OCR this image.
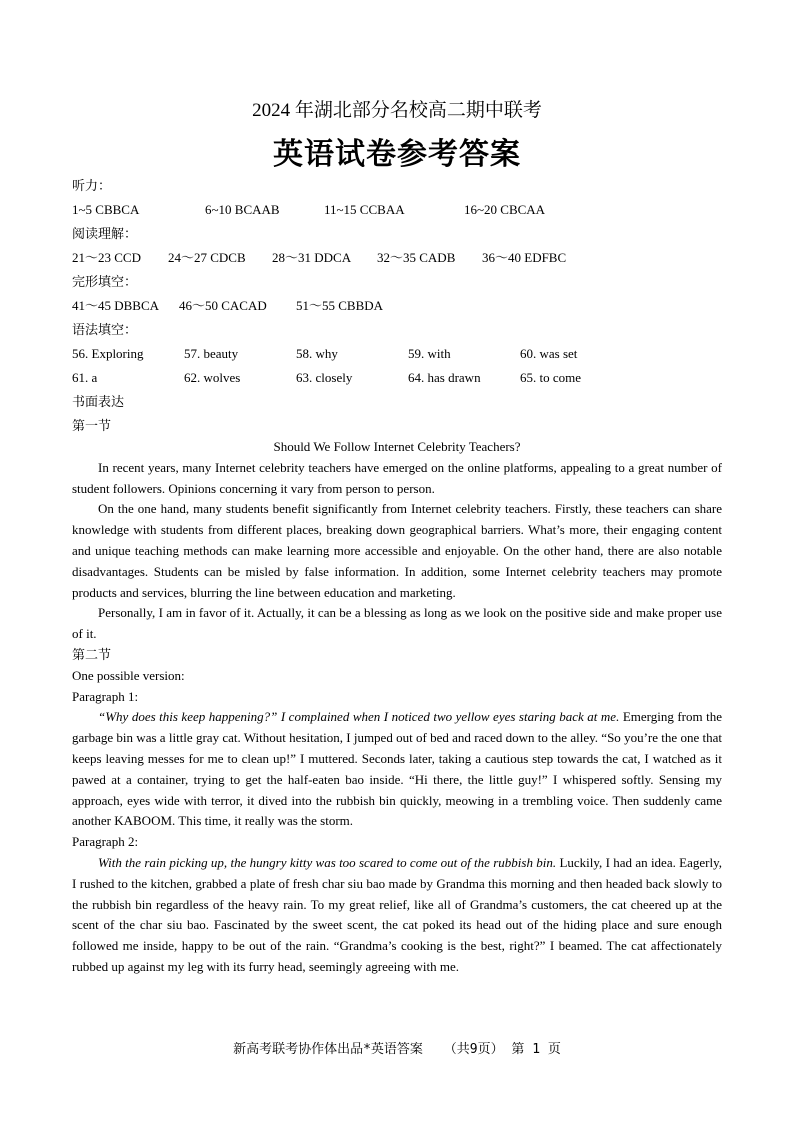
2024 年湖北部分名校高二期中联考
英语试卷参考答案
听力：
1~5 CBBCA	6~10 BCAAB	11~15 CCBAA	16~20 CBCAA
阅读理解：
21～23 CCD 24～27 CDCB 28～31 DDCA 32～35 CADB 36～40 EDFBC
完形填空：
41～45 DBBCA 46～50 CACAD 51～55 CBBDA
语法填空：
56. Exploring	57. beauty	58. why	59. with	60. was set
61. a	62. wolves	63. closely	64. has drawn	65. to come
书面表达
第一节

Should We Follow Internet Celebrity Teachers?

In recent years, many Internet celebrity teachers have emerged on the online platforms, appealing to a great number of student followers. Opinions concerning it vary from person to person.

On the one hand, many students benefit significantly from Internet celebrity teachers. Firstly, these teachers can share knowledge with students from different places, breaking down geographical barriers. What’s more, their engaging content and unique teaching methods can make learning more accessible and enjoyable. On the other hand, there are also notable disadvantages. Students can be misled by false information. In addition, some Internet celebrity teachers may promote products and services, blurring the line between education and marketing.

Personally, I am in favor of it. Actually, it can be a blessing as long as we look on the positive side and make proper use of it.

第二节

One possible version:

Paragraph 1:

“Why does this keep happening?” I complained when I noticed two yellow eyes staring back at me. Emerging from the garbage bin was a little gray cat. Without hesitation, I jumped out of bed and raced down to the alley. “So you’re the one that keeps leaving messes for me to clean up!” I muttered. Seconds later, taking a cautious step towards the cat, I watched as it pawed at a container, trying to get the half-eaten bao inside. “Hi there, the little guy!” I whispered softly. Sensing my approach, eyes wide with terror, it dived into the rubbish bin quickly, meowing in a trembling voice. Then suddenly came another KABOOM. This time, it really was the storm.

Paragraph 2:

With the rain picking up, the hungry kitty was too scared to come out of the rubbish bin. Luckily, I had an idea. Eagerly, I rushed to the kitchen, grabbed a plate of fresh char siu bao made by Grandma this morning and then headed back slowly to the rubbish bin regardless of the heavy rain. To my great relief, like all of Grandma’s customers, the cat cheered up at the scent of the char siu bao. Fascinated by the sweet scent, the cat poked its head out of the hiding place and sure enough followed me inside, happy to be out of the rain. “Grandma’s cooking is the best, right?” I beamed. The cat affectionately rubbed up against my leg with its furry head, seemingly agreeing with me.

新高考联考协作体出品*英语答案　 （共9页） 第 1 页
